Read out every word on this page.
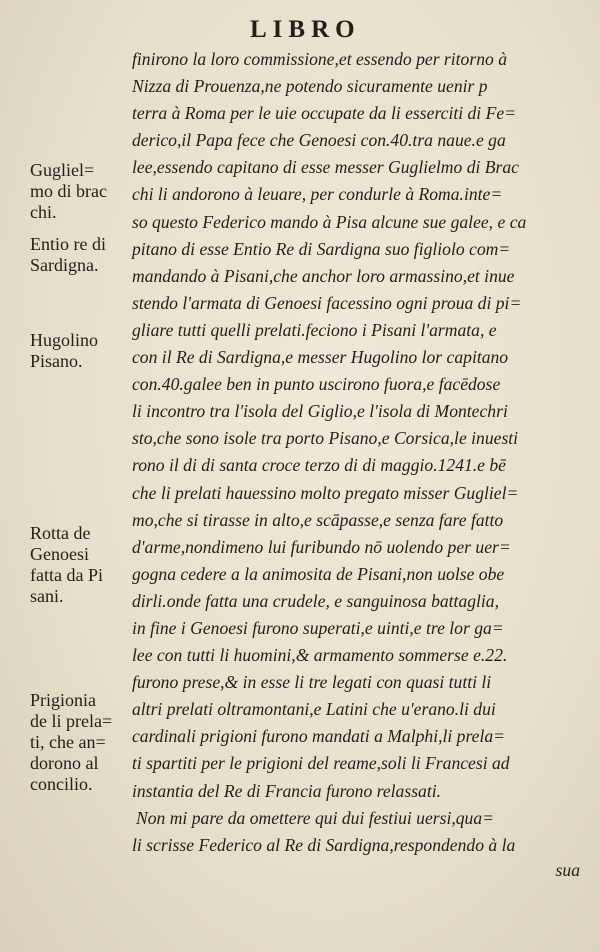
LIBRO
finirono la loro commissione,et essendo per ritorno à
Nizza di Prouenza,ne potendo sicuramente uenir p
terra à Roma per le uie occupate da li esserciti di Fe=
derico,il Papa fece che Genoesi con.40.tra naue.e ga
lee,essendo capitano di esse messer Guglielmo di Brac
chi li andorono à leuare, per condurle à Roma.inte=
so questo Federico mando à Pisa alcune sue galee, e ca
pitano di esse Entio Re di Sardigna suo figliolo com=
mandando à Pisani,che anchor loro armassino,et inue
stendo l'armata di Genoesi facessino ogni proua di pi=
gliare tutti quelli prelati.feciono i Pisani l'armata, e
con il Re di Sardigna,e messer Hugolino lor capitano
con.40.galee ben in punto uscirono fuora,e facēdose
li incontro tra l'isola del Giglio,e l'isola di Montechri
sto,che sono isole tra porto Pisano,e Corsica,le inuesti
rono il di di santa croce terzo di di maggio.1241.e bē
che li prelati hauessino molto pregato misser Gugliel=
mo,che si tirasse in alto,e scāpasse,e senza fare fatto
d'arme,nondimeno lui furibundo nō uolendo per uer=
gogna cedere a la animosita de Pisani,non uolse obe
dirli.onde fatta una crudele, e sanguinosa battaglia,
in fine i Genoesi furono superati,e uinti,e tre lor ga=
lee con tutti li huomini,& armamento sommerse e.22.
furono prese,& in esse li tre legati con quasi tutti li
altri prelati oltramontani,e Latini che u'erano.li dui
cardinali prigioni furono mandati a Malphi,li prela=
ti spartiti per le prigioni del reame,soli li Francesi ad
instantia del Re di Francia furono relassati.
Non mi pare da omettere qui dui festiui uersi,qua=
li scrisse Federico al Re di Sardigna,respondendo à la
sua
Gugliel=
mo di brac
chi.
Entio re di
Sardigna.
Hugolino
Pisano.
Rotta de
Genoesi
fatta da Pi
sani.
Prigionia
de li prela=
ti, che an=
dorono al
concilio.
